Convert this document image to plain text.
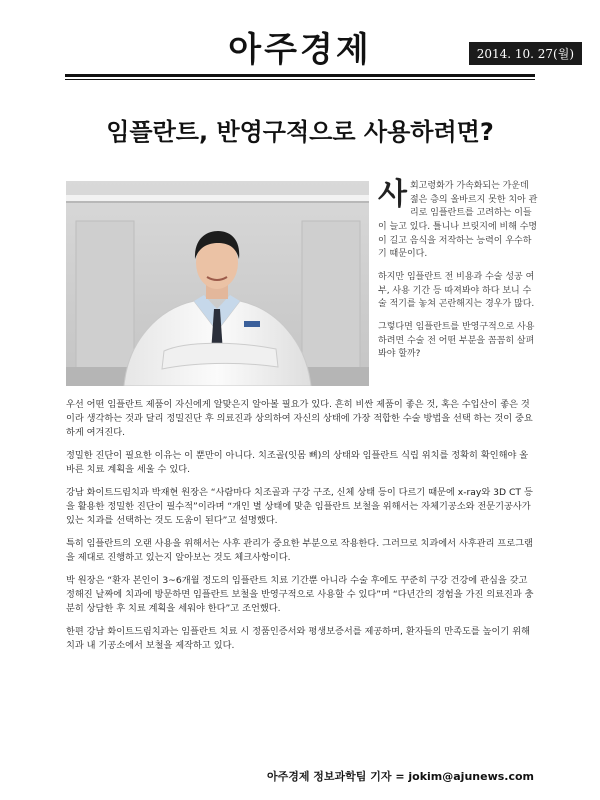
아주경제	2014. 10. 27(월)
임플란트, 반영구적으로 사용하려면?

사회고령화가 가속화되는 가운데 젊은 층의 올바르지 못한 치아 관리로 임플란트를 고려하는 이들이 늘고 있다. 틀니나 브릿지에 비해 수명이 길고 음식을 저작하는 능력이 우수하기 때문이다.

하지만 임플란트 전 비용과 수술 성공 여부, 사용 기간 등 따져봐야 하다 보니 수술 적기를 놓쳐 곤란해지는 경우가 많다.

그렇다면 임플란트를 반영구적으로 사용하려면 수술 전 어떤 부분을 꼼꼼히 살펴봐야 할까?

우선 어떤 임플란트 제품이 자신에게 알맞은지 알아볼 필요가 있다. 흔히 비싼 제품이 좋은 것, 혹은 수입산이 좋은 것이라 생각하는 것과 달리 정밀진단 후 의료진과 상의하여 자신의 상태에 가장 적합한 수술 방법을 선택 하는 것이 중요하게 여겨진다.

정밀한 진단이 필요한 이유는 이 뿐만이 아니다. 치조골(잇몸 뼈)의 상태와 임플란트 식립 위치를 정확히 확인해야 올바른 치료 계획을 세울 수 있다.

강남 화이트드림치과 박재현 원장은 “사람마다 치조골과 구강 구조, 신체 상태 등이 다르기 때문에 x-ray와 3D CT 등을 활용한 정밀한 진단이 필수적”이라며 “개인 별 상태에 맞춘 임플란트 보철을 위해서는 자체기공소와 전문기공사가 있는 치과를 선택하는 것도 도움이 된다”고 설명했다.

특히 임플란트의 오랜 사용을 위해서는 사후 관리가 중요한 부분으로 작용한다. 그러므로 치과에서 사후관리 프로그램을 제대로 진행하고 있는지 알아보는 것도 체크사항이다.

박 원장은 “환자 본인이 3~6개월 정도의 임플란트 치료 기간뿐 아니라 수술 후에도 꾸준히 구강 건강에 관심을 갖고 정해진 날짜에 치과에 방문하면 임플란트 보철을 반영구적으로 사용할 수 있다”며 “다년간의 경험을 가진 의료진과 충분히 상담한 후 치료 계획을 세워야 한다”고 조언했다.

한편 강남 화이트드림치과는 임플란트 치료 시 정품인증서와 평생보증서를 제공하며, 환자들의 만족도를 높이기 위해 치과 내 기공소에서 보철을 제작하고 있다.

아주경제 정보과학팀 기자 = jokim@ajunews.com
